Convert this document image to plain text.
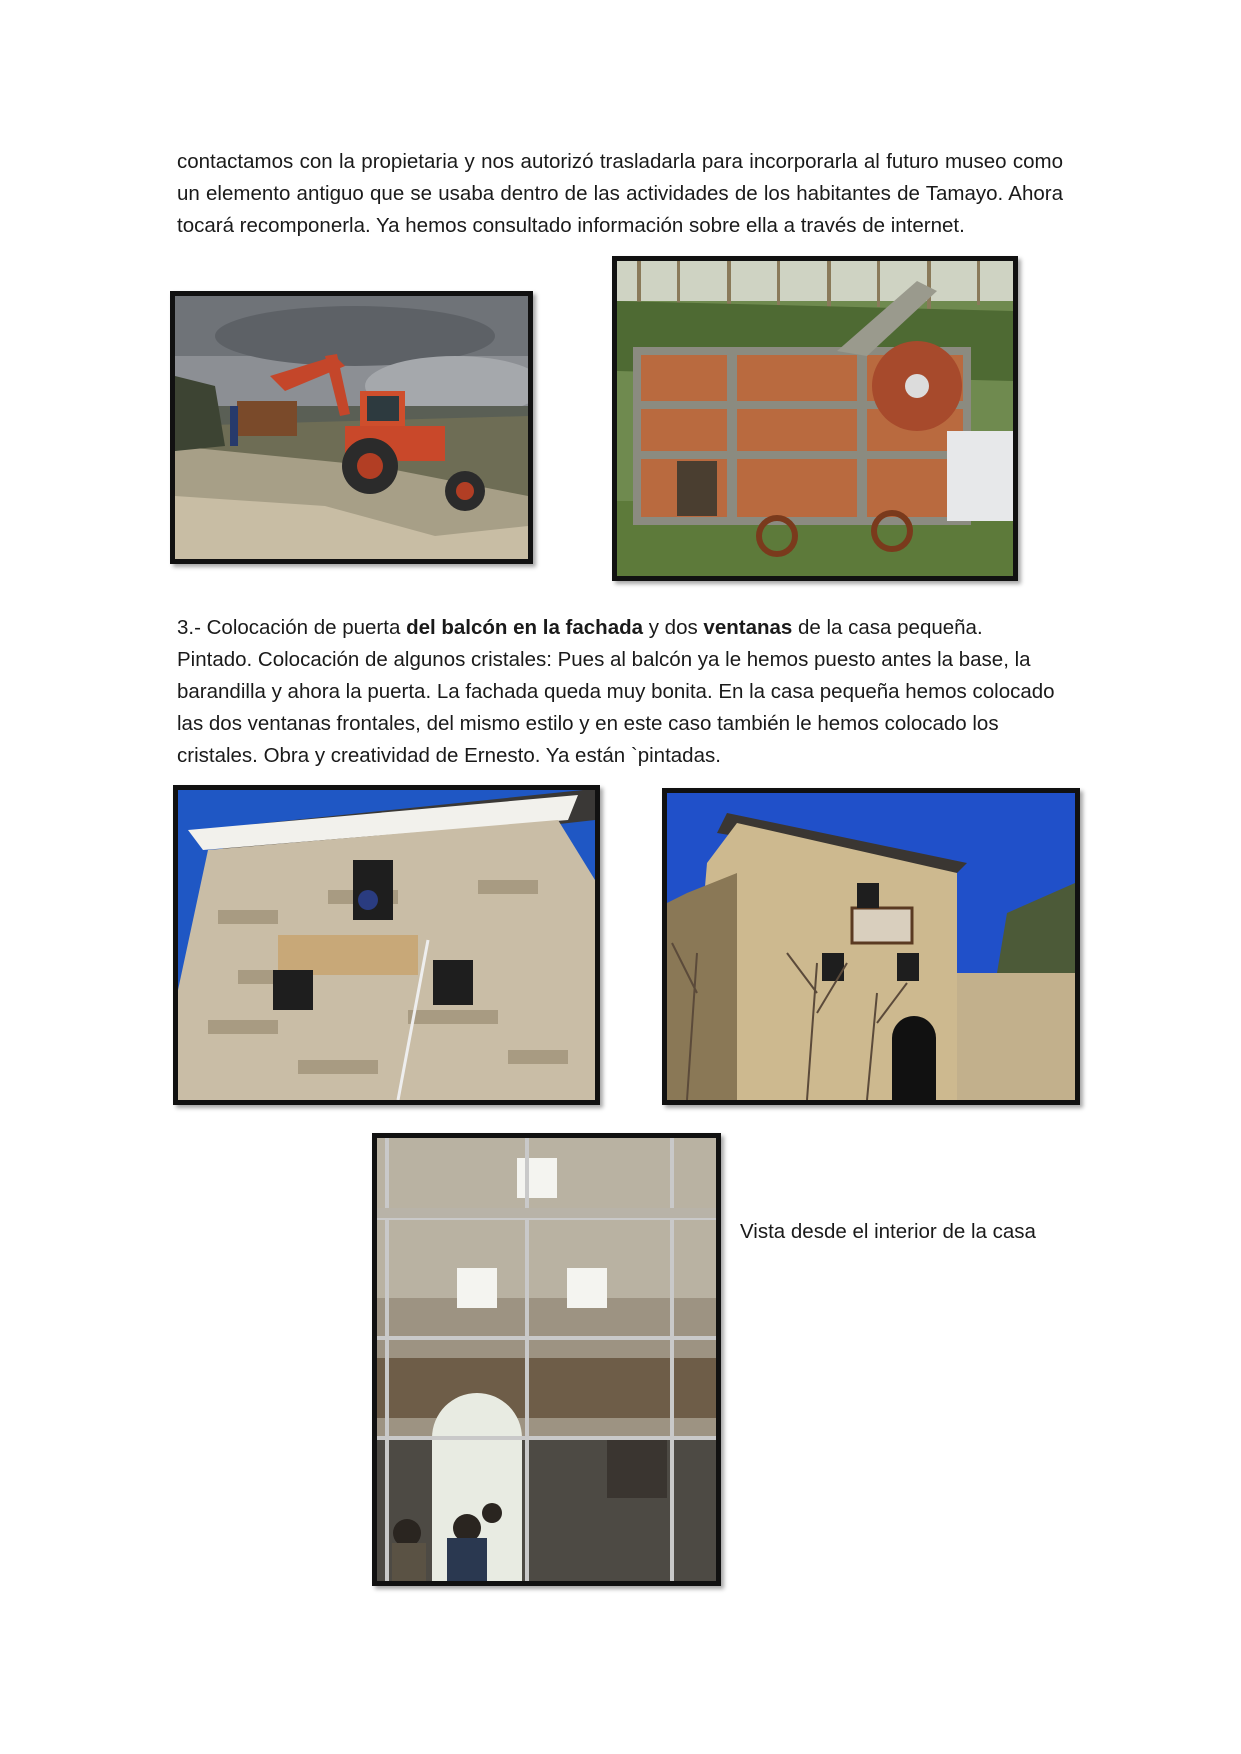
contactamos con la propietaria y nos autorizó trasladarla para incorporarla al futuro museo como un elemento antiguo que se usaba dentro de las actividades de los habitantes de Tamayo. Ahora tocará recomponerla. Ya hemos consultado información sobre ella a través de internet.

3.- Colocación de puerta del balcón en la fachada y dos ventanas de la casa pequeña. Pintado. Colocación de algunos cristales: Pues al balcón ya le hemos puesto antes la base, la barandilla y ahora la puerta. La fachada queda muy bonita. En la casa pequeña hemos colocado las dos ventanas frontales, del mismo estilo y en este caso también le hemos colocado los cristales. Obra y creatividad de Ernesto. Ya están `pintadas.

Vista desde el interior de la casa
